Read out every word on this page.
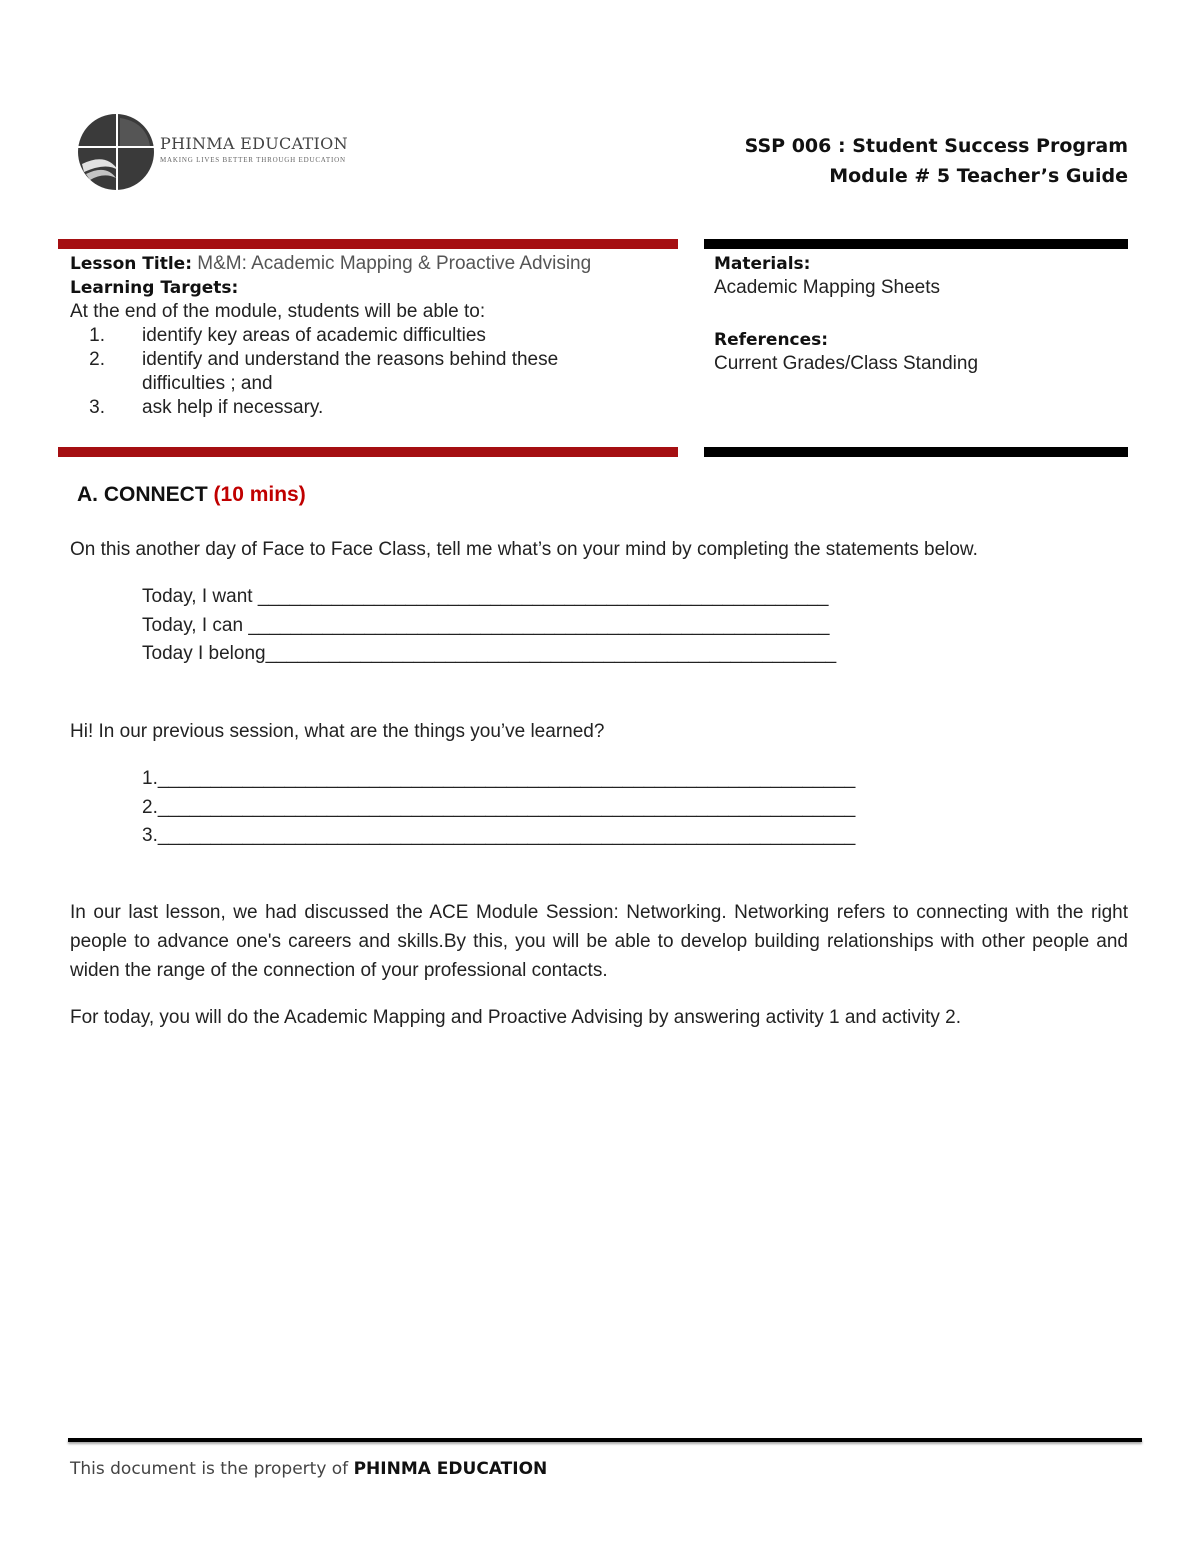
PHINMA EDUCATION
MAKING LIVES BETTER THROUGH EDUCATION
SSP 006 : Student Success Program
Module # 5 Teacher’s Guide
Lesson Title: M&M: Academic Mapping & Proactive Advising
Learning Targets:
At the end of the module, students will be able to:
1.	identify key areas of academic difficulties
2.	identify and understand the reasons behind these difficulties ; and
3.	ask help if necessary.
Materials:
Academic Mapping Sheets
References:
Current Grades/Class Standing
A. CONNECT (10 mins)
On this another day of Face to Face Class, tell me what’s on your mind by completing the statements below.
Today, I want ______________________________________________________
Today, I can _______________________________________________________
Today I belong______________________________________________________
Hi! In our previous session, what are the things you’ve learned?
1.__________________________________________________________________
2.__________________________________________________________________
3.__________________________________________________________________
In our last lesson, we had discussed the ACE Module Session: Networking. Networking refers to connecting with the right people to advance one's careers and skills.By this, you will be able to develop building relationships with other people and widen the range of the connection of your professional contacts.
For today, you will do the Academic Mapping and Proactive Advising by answering activity 1 and activity 2.
This document is the property of PHINMA EDUCATION
